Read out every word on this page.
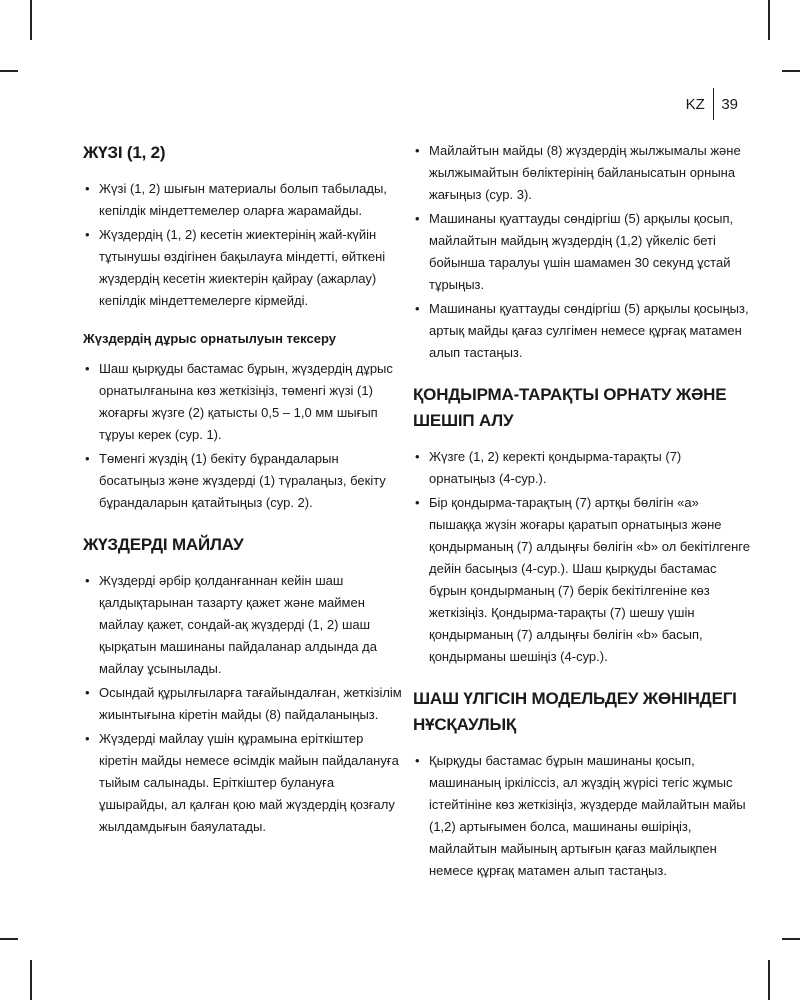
KZ 39
ЖҮЗІ (1, 2)
• Жүзі (1, 2) шығын материалы болып табылады, кепілдік міндеттемелер оларға жарамайды.
• Жүздердің (1, 2) кесетін жиектерінің жай-күйін тұтынушы өздігінен бақылауға міндетті, өйткені жүздердің кесетін жиектерін қайрау (ажарлау) кепілдік міндеттемелерге кірмейді.
Жүздердің дұрыс орнатылуын тексеру
• Шаш қырқуды бастамас бұрын, жүздердің дұрыс орнатылғанына көз жеткізіңіз, төменгі жүзі (1) жоғарғы жүзге (2) қатысты 0,5 – 1,0 мм шығып тұруы керек (сур. 1).
• Төменгі жүздің (1) бекіту бұрандаларын босатыңыз және жүздерді (1) түралаңыз, бекіту бұрандаларын қатайтыңыз (сур. 2).
ЖҮЗДЕРДІ МАЙЛАУ
• Жүздерді әрбір қолданғаннан кейін шаш қалдықтарынан тазарту қажет және маймен майлау қажет, сондай-ақ жүздерді (1, 2) шаш қырқатын машинаны пайдаланар алдында да майлау ұсынылады.
• Осындай құрылғыларға тағайындалған, жеткізілім жиынтығына кіретін майды (8) пайдаланыңыз.
• Жүздерді майлау үшін құрамына еріткіштер кіретін майды немесе өсімдік майын пайдалануға тыйым салынады. Еріткіштер булануға ұшырайды, ал қалған қою май жүздердің қозғалу жылдамдығын баяулатады.
• Майлайтын майды (8) жүздердің жылжымалы және жылжымайтын бөліктерінің байланысатын орнына жағыңыз (сур. 3).
• Машинаны қуаттауды сөндіргіш (5) арқылы қосып, майлайтын майдың жүздердің (1,2) үйкеліс беті бойынша таралуы үшін шамамен 30 секунд ұстай тұрыңыз.
• Машинаны қуаттауды сөндіргіш (5) арқылы қосыңыз, артық майды қағаз сулгімен немесе құрғақ матамен алып тастаңыз.
ҚОНДЫРМА-ТАРАҚТЫ ОРНАТУ ЖӘНЕ ШЕШІП АЛУ
• Жүзге (1, 2) керекті қондырма-тарақты (7) орнатыңыз (4-сур.).
• Бір қондырма-тарақтың (7) артқы бөлігін «а» пышаққа жүзін жоғары қаратып орнатыңыз және қондырманың (7) алдыңғы бөлігін «b» ол бекітілгенге дейін басыңыз (4-сур.). Шаш қырқуды бастамас бұрын қондырманың (7) берік бекітілгеніне көз жеткізіңіз. Қондырма-тарақты (7) шешу үшін қондырманың (7) алдыңғы бөлігін «b» басып, қондырманы шешіңіз (4-сур.).
ШАШ ҮЛГІСІН МОДЕЛЬДЕУ ЖӨНІНДЕГІ НҰСҚАУЛЫҚ
• Қырқуды бастамас бұрын машинаны қосып, машинаның іркіліссіз, ал жүздің жүрісі тегіс жұмыс істейтініне көз жеткізіңіз, жүздерде майлайтын майы (1,2) артығымен болса, машинаны өшіріңіз, майлайтын майының артығын қағаз майлықпен немесе құрғақ матамен алып тастаңыз.
